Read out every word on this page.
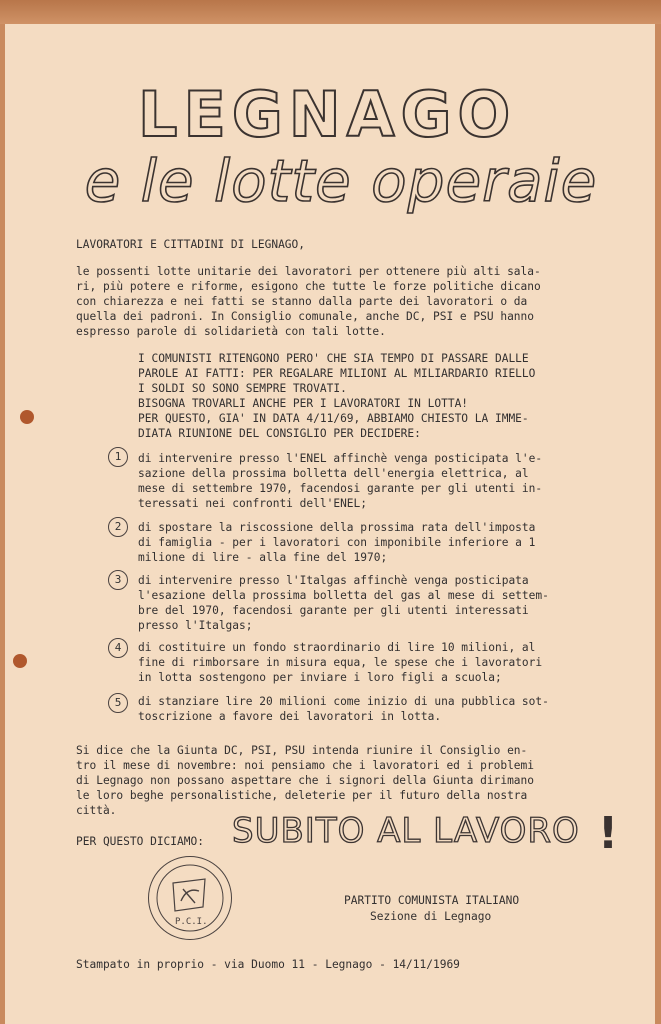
LEGNAGO
e le lotte operaie

LAVORATORI E CITTADINI DI LEGNAGO,

le possenti lotte unitarie dei lavoratori per ottenere più alti sala-
ri, più potere e riforme, esigono che tutte le forze politiche dicano
con chiarezza e nei fatti se stanno dalla parte dei lavoratori o da
quella dei padroni. In Consiglio comunale, anche DC, PSI e PSU hanno
espresso parole di solidarietà con tali lotte.

I COMUNISTI RITENGONO PERO' CHE SIA TEMPO DI PASSARE DALLE
PAROLE AI FATTI: PER REGALARE MILIONI AL MILIARDARIO RIELLO
I SOLDI SO SONO SEMPRE TROVATI.
BISOGNA TROVARLI ANCHE PER I LAVORATORI IN LOTTA!
PER QUESTO, GIA' IN DATA 4/11/69, ABBIAMO CHIESTO LA IMME-
DIATA RIUNIONE DEL CONSIGLIO PER DECIDERE:

1	di intervenire presso l'ENEL affinchè venga posticipata l'e-
sazione della prossima bolletta dell'energia elettrica, al
mese di settembre 1970, facendosi garante per gli utenti in-
teressati nei confronti dell'ENEL;

2	di spostare la riscossione della prossima rata dell'imposta
di famiglia - per i lavoratori con imponibile inferiore a 1
milione di lire - alla fine del 1970;

3	di intervenire presso l'Italgas affinchè venga posticipata
l'esazione della prossima bolletta del gas al mese di settem-
bre del 1970, facendosi garante per gli utenti interessati
presso l'Italgas;

4	di costituire un fondo straordinario di lire 10 milioni, al
fine di rimborsare in misura equa, le spese che i lavoratori
in lotta sostengono per inviare i loro figli a scuola;

5	di stanziare lire 20 milioni come inizio di una pubblica sot-
toscrizione a favore dei lavoratori in lotta.

Si dice che la Giunta DC, PSI, PSU intenda riunire il Consiglio en-
tro il mese di novembre: noi pensiamo che i lavoratori ed i problemi
di Legnago non possano aspettare che i signori della Giunta dirimano
le loro beghe personalistiche, deleterie per il futuro della nostra
città.

PER QUESTO DICIAMO: SUBITO AL LAVORO !
P.C.I.

PARTITO COMUNISTA ITALIANO

Sezione di Legnago

Stampato in proprio - via Duomo 11 - Legnago - 14/11/1969
